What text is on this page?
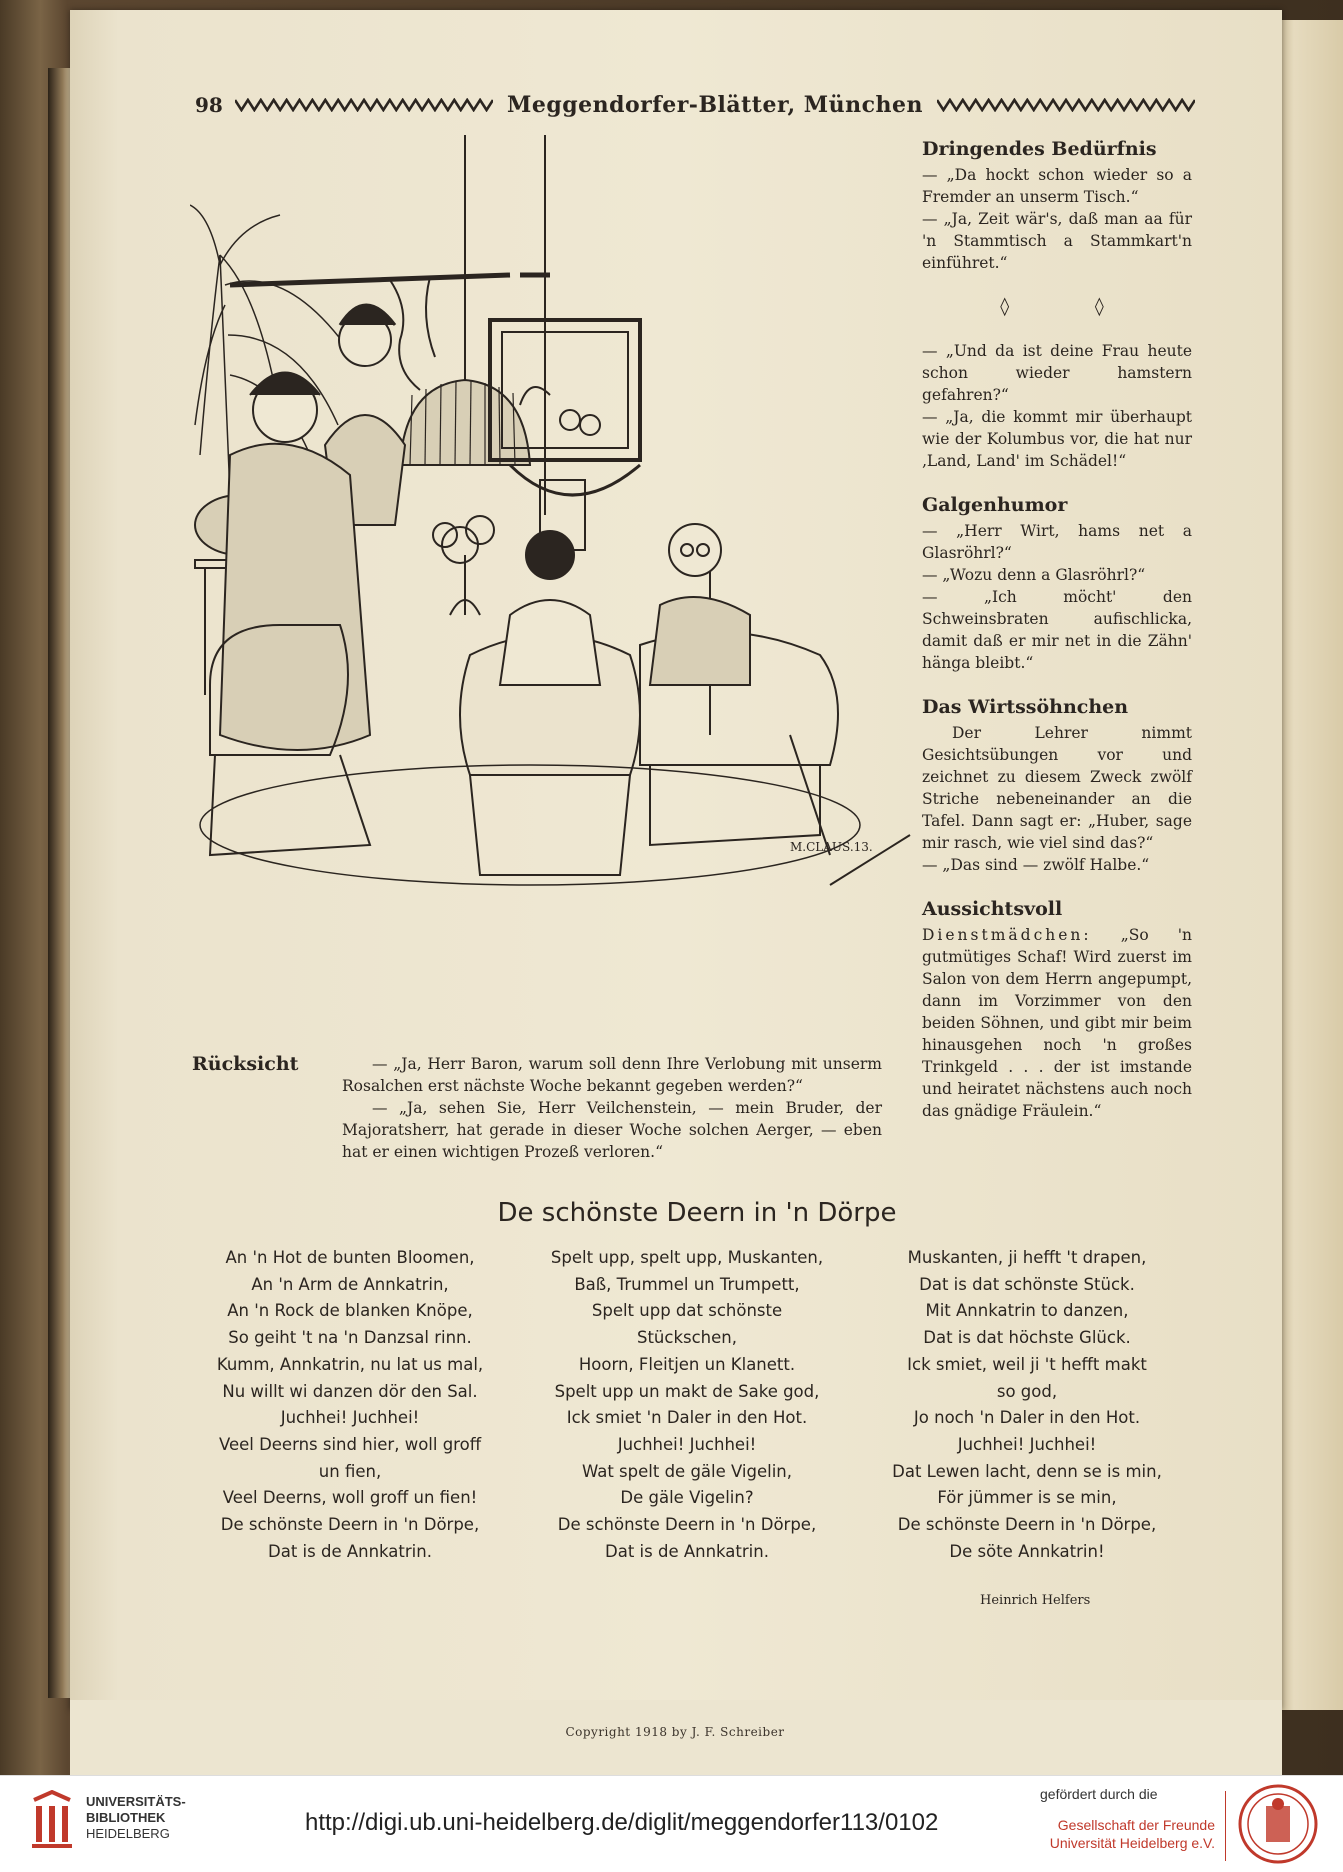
98	Meggendorfer-Blätter, München
M.CLAUS.13.
Dringendes Bedürfnis
— „Da hockt schon wieder so a Fremder an unserm Tisch.“
— „Ja, Zeit wär's, daß man aa für 'n Stammtisch a Stammkart'n einführet.“
◊ ◊
— „Und da ist deine Frau heute schon wieder hamstern gefahren?“
— „Ja, die kommt mir überhaupt wie der Kolumbus vor, die hat nur ‚Land, Land' im Schädel!“
Galgenhumor
— „Herr Wirt, hams net a Glasröhrl?“
— „Wozu denn a Glasröhrl?“
— „Ich möcht' den Schweinsbraten aufischlicka, damit daß er mir net in die Zähn' hänga bleibt.“
Das Wirtssöhnchen
Der Lehrer nimmt Gesichtsübungen vor und zeichnet zu diesem Zweck zwölf Striche nebeneinander an die Tafel. Dann sagt er: „Huber, sage mir rasch, wie viel sind das?“
— „Das sind — zwölf Halbe.“
Aussichtsvoll
Dienstmädchen: „So 'n gutmütiges Schaf! Wird zuerst im Salon von dem Herrn angepumpt, dann im Vorzimmer von den beiden Söhnen, und gibt mir beim hinausgehen noch 'n großes Trinkgeld . . . der ist imstande und heiratet nächstens auch noch das gnädige Fräulein.“
Rücksicht	— „Ja, Herr Baron, warum soll denn Ihre Verlobung mit unserm Rosalchen erst nächste Woche bekannt gegeben werden?“
— „Ja, sehen Sie, Herr Veilchenstein, — mein Bruder, der Majoratsherr, hat gerade in dieser Woche solchen Aerger, — eben hat er einen wichtigen Prozeß verloren.“
De schönste Deern in 'n Dörpe
An 'n Hot de bunten Bloomen,
An 'n Arm de Annkatrin,
An 'n Rock de blanken Knöpe,
So geiht 't na 'n Danzsal rinn.
Kumm, Annkatrin, nu lat us mal,
Nu willt wi danzen dör den Sal.
Juchhei! Juchhei!
Veel Deerns sind hier, woll groff
un fien,
Veel Deerns, woll groff un fien!
De schönste Deern in 'n Dörpe,
Dat is de Annkatrin.
Spelt upp, spelt upp, Muskanten,
Baß, Trummel un Trumpett,
Spelt upp dat schönste
Stückschen,
Hoorn, Fleitjen un Klanett.
Spelt upp un makt de Sake god,
Ick smiet 'n Daler in den Hot.
Juchhei! Juchhei!
Wat spelt de gäle Vigelin,
De gäle Vigelin?
De schönste Deern in 'n Dörpe,
Dat is de Annkatrin.
Muskanten, ji hefft 't drapen,
Dat is dat schönste Stück.
Mit Annkatrin to danzen,
Dat is dat höchste Glück.
Ick smiet, weil ji 't hefft makt
so god,
Jo noch 'n Daler in den Hot.
Juchhei! Juchhei!
Dat Lewen lacht, denn se is min,
För jümmer is se min,
De schönste Deern in 'n Dörpe,
De söte Annkatrin!
Heinrich Helfers
Copyright 1918 by J. F. Schreiber
UNIVERSITÄTS-
BIBLIOTHEK
HEIDELBERG	http://digi.ub.uni-heidelberg.de/diglit/meggendorfer113/0102
gefördert durch die
Gesellschaft der Freunde
Universität Heidelberg e.V.
